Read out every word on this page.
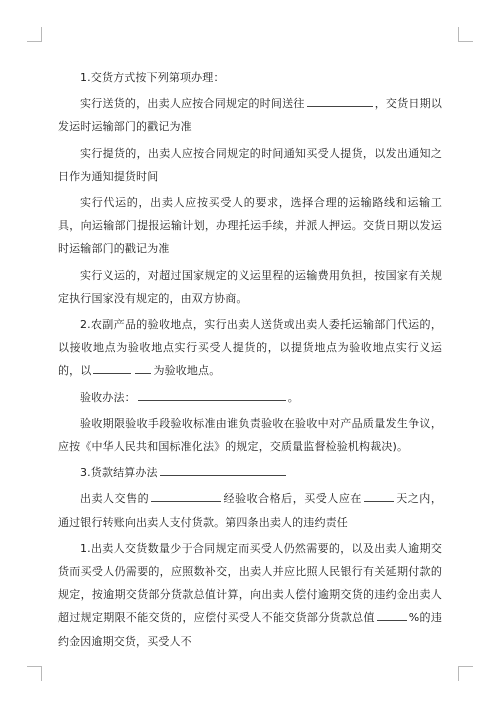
1.交货方式按下列第项办理：

实行送货的，出卖人应按合同规定的时间送往	，交货日期以发运时运输部门的戳记为准

实行提货的，出卖人应按合同规定的时间通知买受人提货，以发出通知之日作为通知提货时间

实行代运的，出卖人应按买受人的要求，选择合理的运输路线和运输工具，向运输部门提报运输计划，办理托运手续，并派人押运。交货日期以发运时运输部门的戳记为准

实行义运的，对超过国家规定的义运里程的运输费用负担，按国家有关规定执行国家没有规定的，由双方协商。

2.农副产品的验收地点，实行出卖人送货或出卖人委托运输部门代运的，以接收地点为验收地点实行买受人提货的，以提货地点为验收地点实行义运的，以	为验收地点。

验收办法：	。

验收期限验收手段验收标准由谁负责验收在验收中对产品质量发生争议，应按《中华人民共和国标准化法》的规定，交质量监督检验机构裁决)。

3.货款结算办法

出卖人交售的	经验收合格后，买受人应在	天之内，通过银行转账向出卖人支付货款。第四条出卖人的违约责任

1.出卖人交货数量少于合同规定而买受人仍然需要的，以及出卖人逾期交货而买受人仍需要的，应照数补交，出卖人并应比照人民银行有关延期付款的规定，按逾期交货部分货款总值计算，向出卖人偿付逾期交货的违约金出卖人超过规定期限不能交货的，应偿付买受人不能交货部分货款总值	%的违约金因逾期交货，买受人不
